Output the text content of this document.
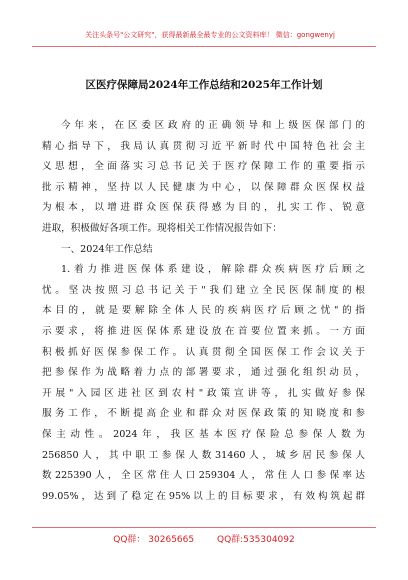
关注头条号"公文研究"，获得最新最全最专业的公文资料库！ 微信：gongwenyj
区医疗保障局2024年工作总结和2025年工作计划
今年来，在区委区政府的正确领导和上级医保部门的
精心指导下，我局认真贯彻习近平新时代中国特色社会主
义思想，全面落实习总书记关于医疗保障工作的重要指示
批示精神，坚持以人民健康为中心，以保障群众医保权益
为根本，以增进群众医保获得感为目的，扎实工作、锐意
进取，积极做好各项工作。现将相关工作情况报告如下：
一、2024年工作总结
1.着力推进医保体系建设，解除群众疾病医疗后顾之
忧。坚决按照习总书记关于"我们建立全民医保制度的根
本目的，就是要解除全体人民的疾病医疗后顾之忧"的指
示要求，将推进医保体系建设放在首要位置来抓。一方面
积极抓好医保参保工作。认真贯彻全国医保工作会议关于
把参保作为战略着力点的部署要求，通过强化组织动员，
开展"入园区进社区到农村"政策宣讲等，扎实做好参保
服务工作，不断提高企业和群众对医保政策的知晓度和参
保主动性。2024年，我区基本医疗保险总参保人数为
256850人，其中职工参保人数31460人，城乡居民参保人
数225390人，全区常住人口259304人，常住人口参保率达
99.05%，达到了稳定在95%以上的目标要求，有效构筑起群
QQ群： 30265665	QQ群:535304092
